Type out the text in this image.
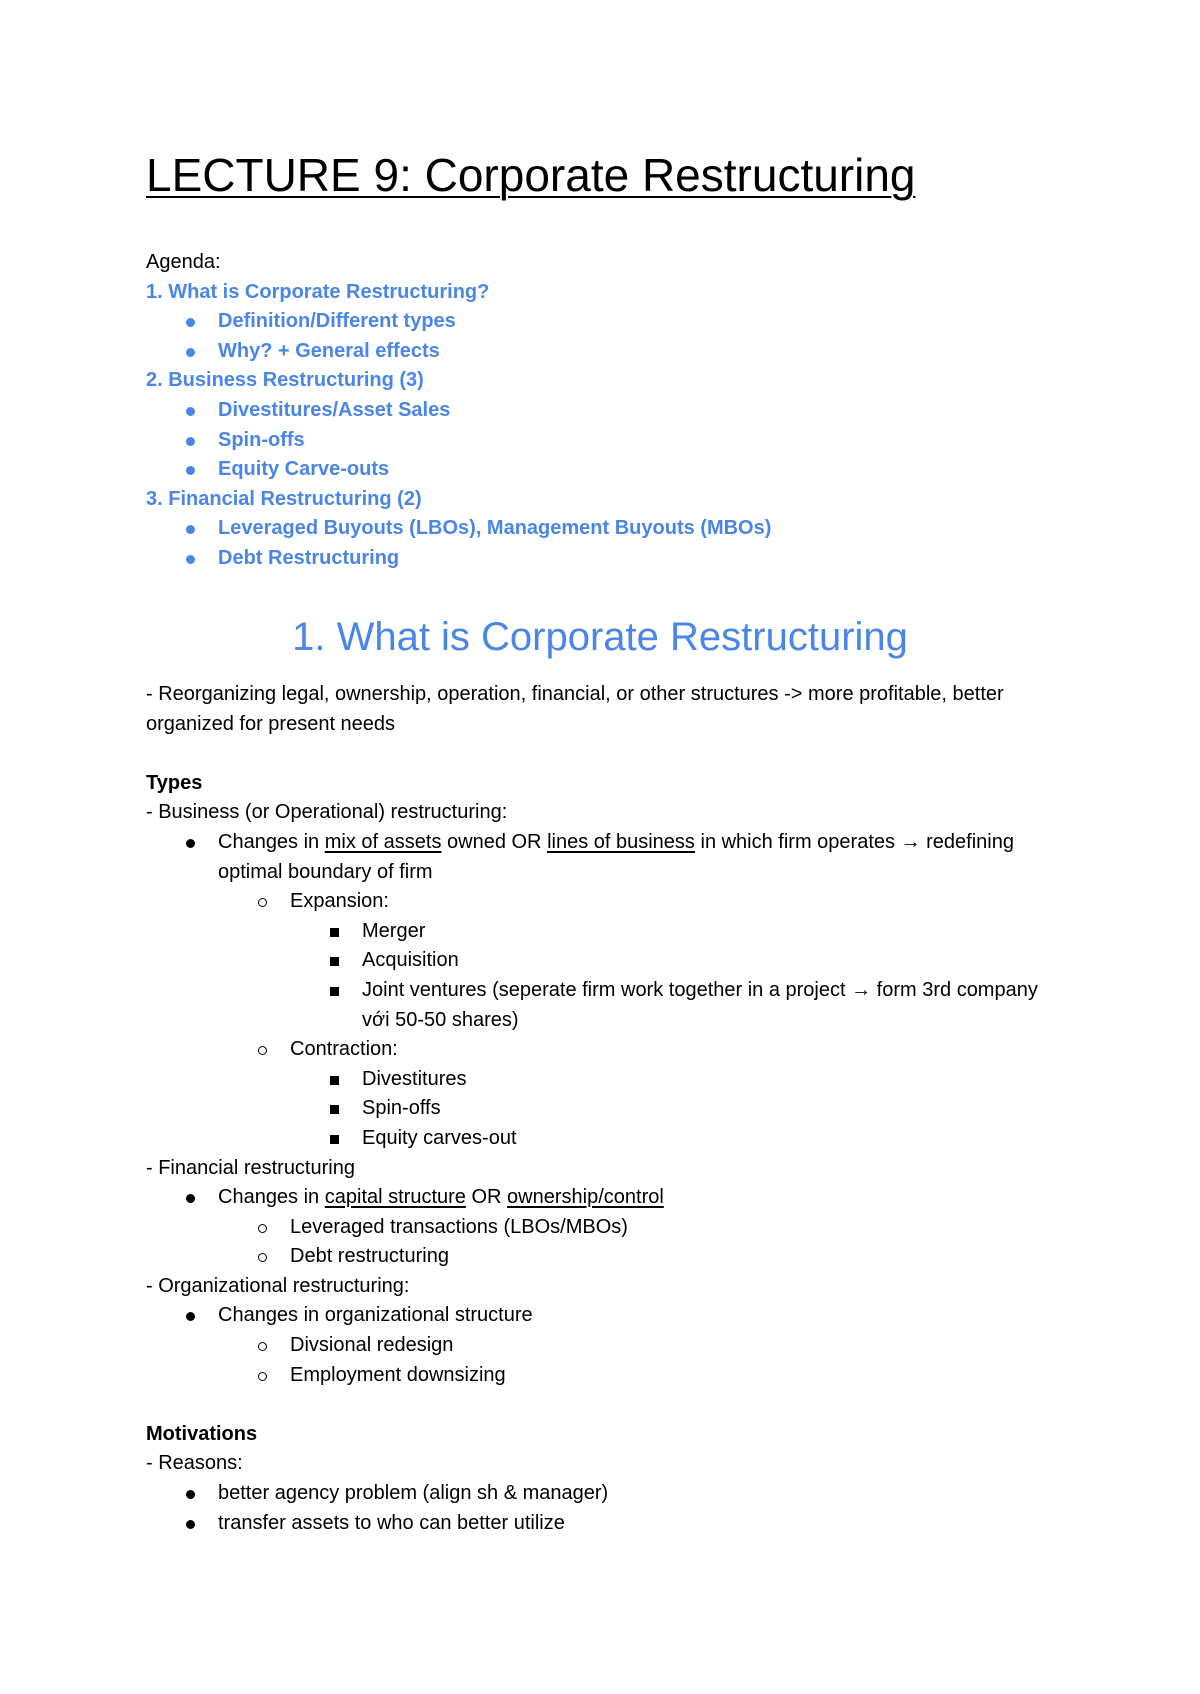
LECTURE 9: Corporate Restructuring
Agenda:
1. What is Corporate Restructuring?
Definition/Different types
Why? + General effects
2. Business Restructuring (3)
Divestitures/Asset Sales
Spin-offs
Equity Carve-outs
3. Financial Restructuring (2)
Leveraged Buyouts (LBOs), Management Buyouts (MBOs)
Debt Restructuring
1. What is Corporate Restructuring

- Reorganizing legal, ownership, operation, financial, or other structures -> more profitable, better organized for present needs

Types

- Business (or Operational) restructuring:

Changes in mix of assets owned OR lines of business in which firm operates → redefining optimal boundary of firm
Expansion:
Merger
Acquisition
Joint ventures (seperate firm work together in a project → form 3rd company với 50-50 shares)
Contraction:
Divestitures
Spin-offs
Equity carves-out

- Financial restructuring

Changes in capital structure OR ownership/control
Leveraged transactions (LBOs/MBOs)
Debt restructuring

- Organizational restructuring:

Changes in organizational structure
Divsional redesign
Employment downsizing

Motivations

- Reasons:

better agency problem (align sh & manager)
transfer assets to who can better utilize
